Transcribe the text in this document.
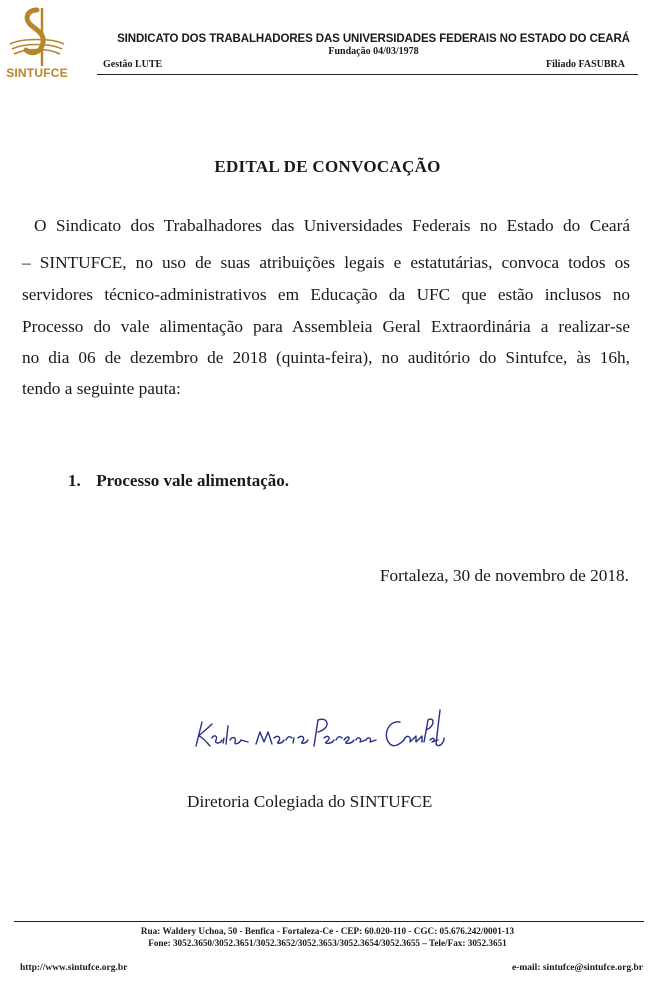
SINTUFCE
SINDICATO DOS TRABALHADORES DAS UNIVERSIDADES FEDERAIS NO ESTADO DO CEARÁ
Fundação 04/03/1978
Gestão LUTE	Filiado FASUBRA
EDITAL DE CONVOCAÇÃO
O Sindicato dos Trabalhadores das Universidades Federais no Estado do Ceará
– SINTUFCE, no uso de suas atribuições legais e estatutárias, convoca todos os
servidores técnico-administrativos em Educação da UFC que estão inclusos no
Processo do vale alimentação para Assembleia Geral Extraordinária a realizar-se
no dia 06 de dezembro de 2018 (quinta-feira), no auditório do Sintufce, às 16h,
tendo a seguinte pauta:
1. Processo vale alimentação.
Fortaleza, 30 de novembro de 2018.
Diretoria Colegiada do SINTUFCE
Rua: Waldery Uchoa, 50 - Benfica - Fortaleza-Ce - CEP: 60.020-110 - CGC: 05.676.242/0001-13
Fone: 3052.3650/3052.3651/3052.3652/3052.3653/3052.3654/3052.3655 – Tele/Fax: 3052.3651
http://www.sintufce.org.br	e-mail: sintufce@sintufce.org.br
